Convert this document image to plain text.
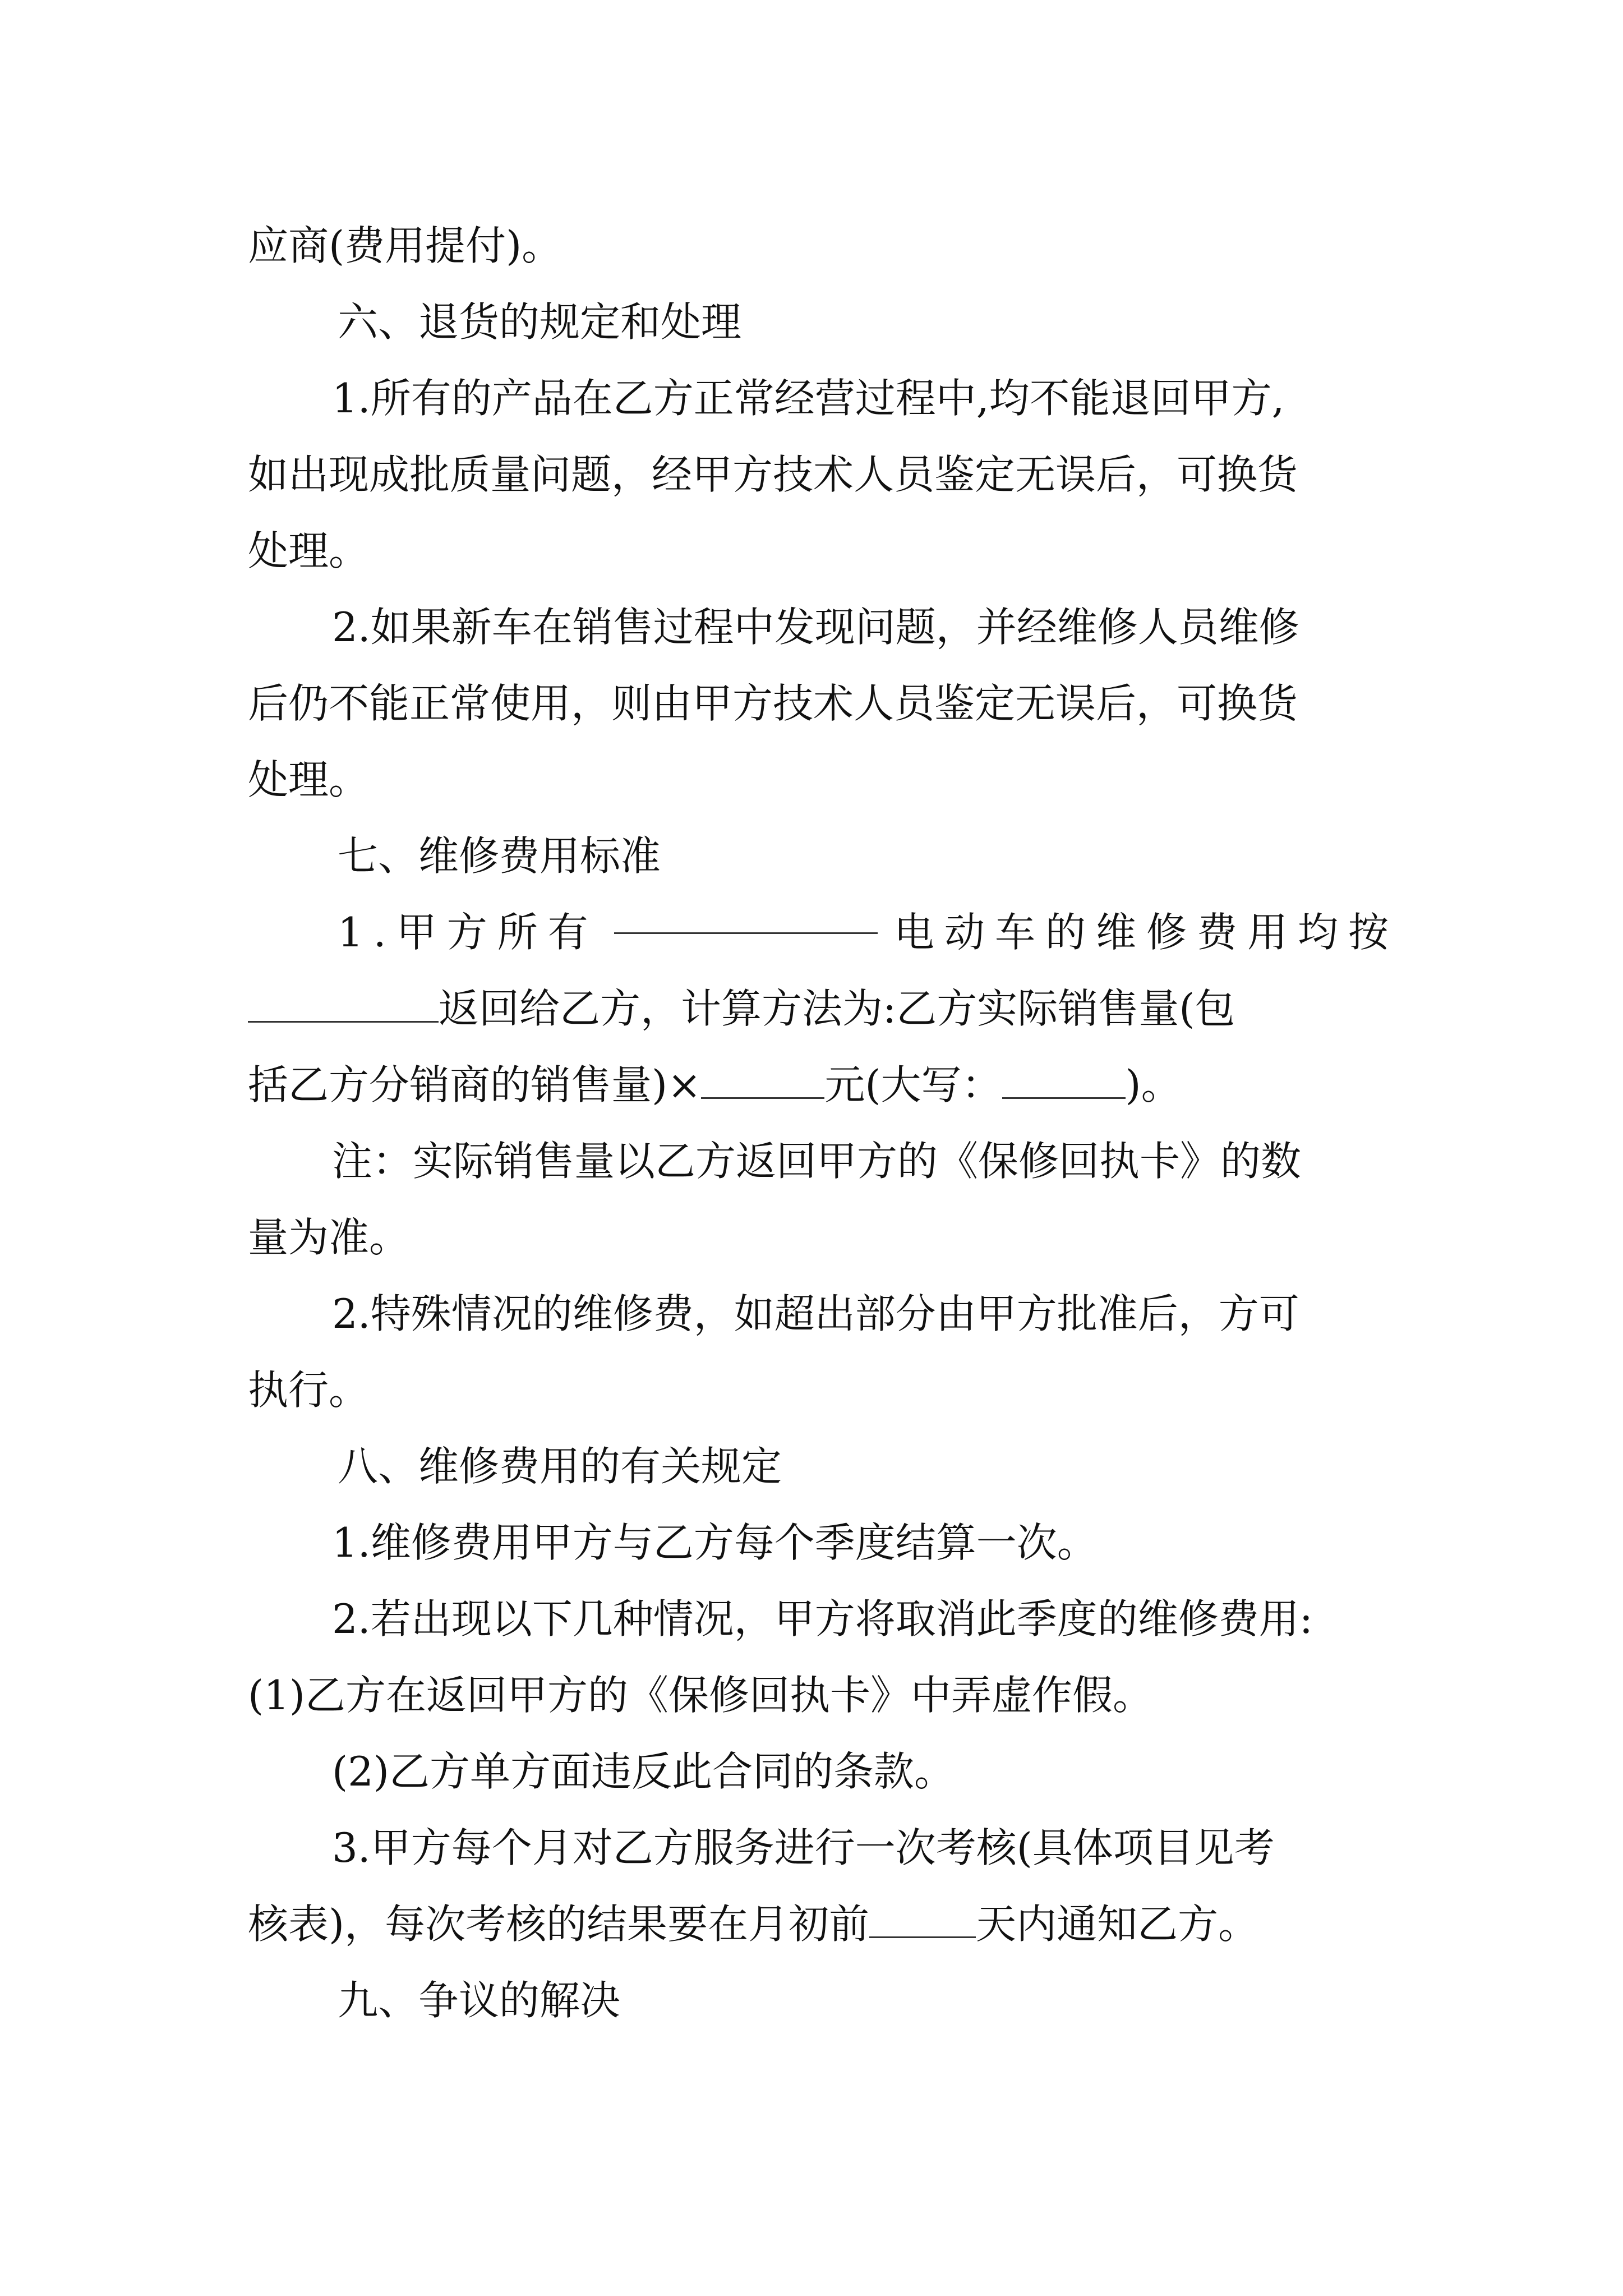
应商(费用提付)。
六、退货的规定和处理
1.所有的产品在乙方正常经营过程中,均不能退回甲方,
如出现成批质量问题，经甲方技术人员鉴定无误后，可换货
处理。
2.如果新车在销售过程中发现问题，并经维修人员维修
后仍不能正常使用，则由甲方技术人员鉴定无误后，可换货
处理。
七、维修费用标准
1.甲方所有	电动车的维修费用均按
返回给乙方，计算方法为:乙方实际销售量(包
括乙方分销商的销售量)×	元(大写：	)。
注：实际销售量以乙方返回甲方的《保修回执卡》的数
量为准。
2.特殊情况的维修费，如超出部分由甲方批准后，方可
执行。
八、维修费用的有关规定
1.维修费用甲方与乙方每个季度结算一次。
2.若出现以下几种情况，甲方将取消此季度的维修费用:
(1)乙方在返回甲方的《保修回执卡》中弄虚作假。
(2)乙方单方面违反此合同的条款。
3.甲方每个月对乙方服务进行一次考核(具体项目见考
核表)，每次考核的结果要在月初前	天内通知乙方。
九、争议的解决
